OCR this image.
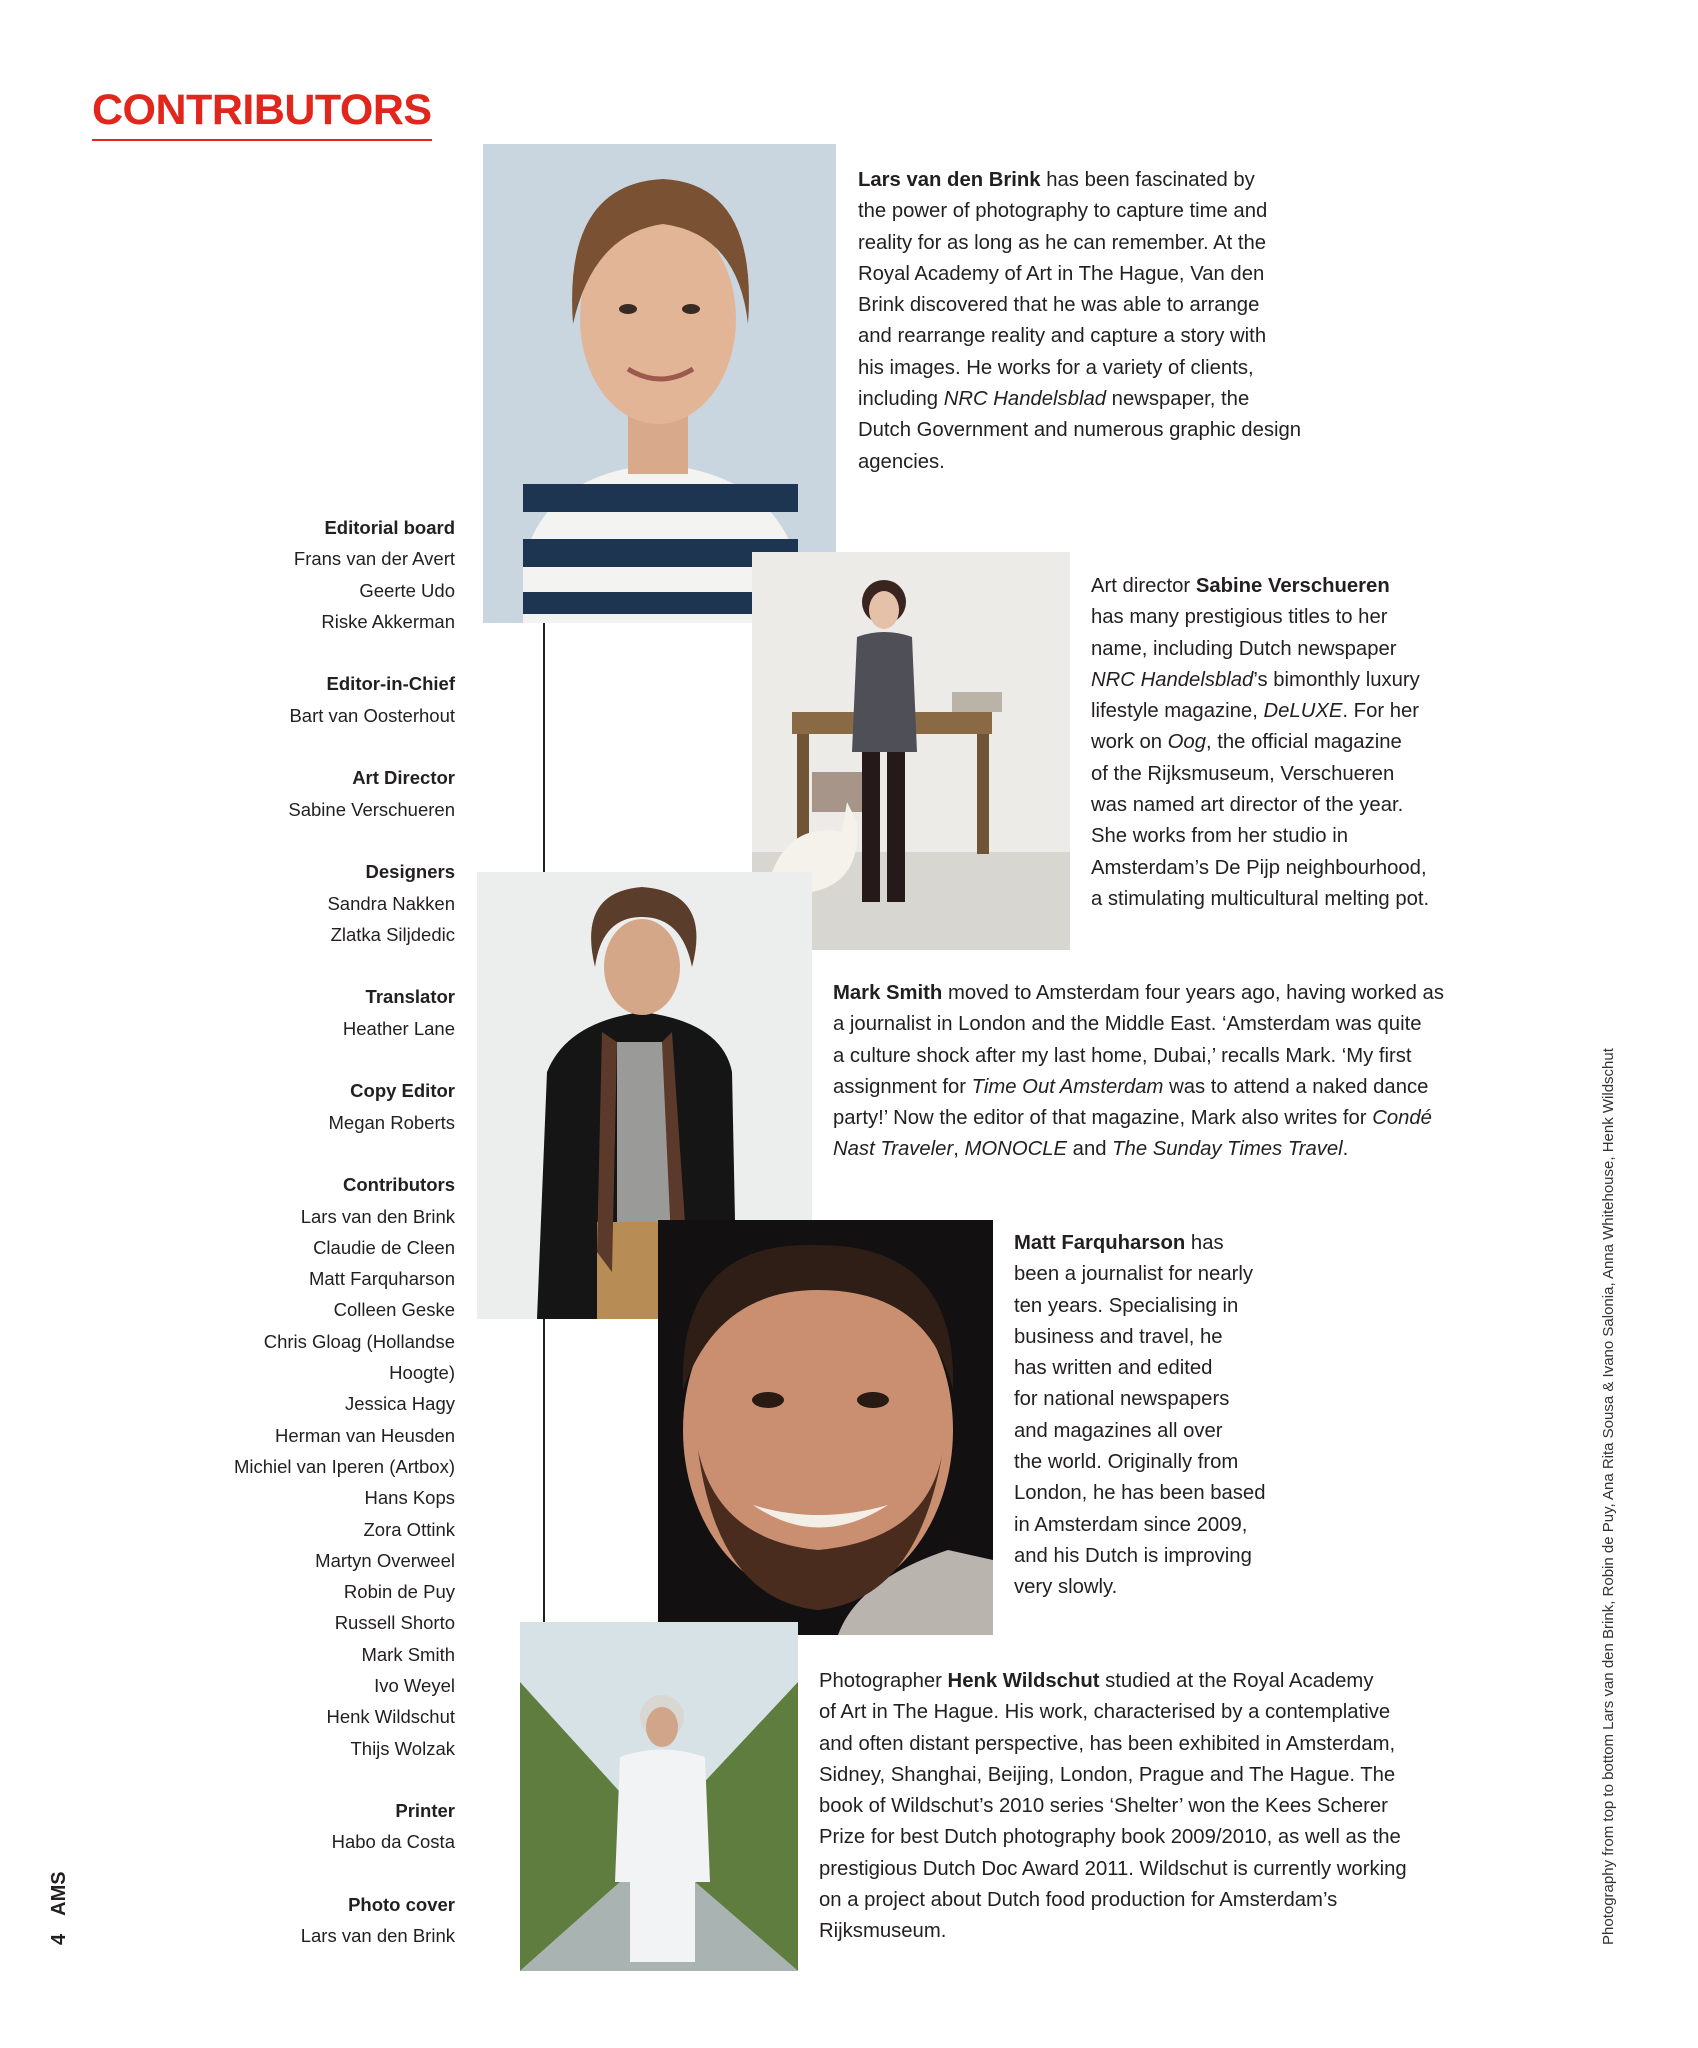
CONTRIBUTORS
Editorial board
Frans van der Avert
Geerte Udo
Riske Akkerman
Editor-in-Chief
Bart van Oosterhout
Art Director
Sabine Verschueren
Designers
Sandra Nakken
Zlatka Siljdedic
Translator
Heather Lane
Copy Editor
Megan Roberts
Contributors
Lars van den Brink
Claudie de Cleen
Matt Farquharson
Colleen Geske
Chris Gloag (Hollandse
Hoogte)
Jessica Hagy
Herman van Heusden
Michiel van Iperen (Artbox)
Hans Kops
Zora Ottink
Martyn Overweel
Robin de Puy
Russell Shorto
Mark Smith
Ivo Weyel
Henk Wildschut
Thijs Wolzak
Printer
Habo da Costa
Photo cover
Lars van den Brink
Lars van den Brink has been fascinated by
the power of photography to capture time and
reality for as long as he can remember. At the
Royal Academy of Art in The Hague, Van den
Brink discovered that he was able to arrange
and rearrange reality and capture a story with
his images. He works for a variety of clients,
including NRC Handelsblad newspaper, the
Dutch Government and numerous graphic design
agencies.
Art director Sabine Verschueren
has many prestigious titles to her
name, including Dutch newspaper
NRC Handelsblad’s bimonthly luxury
lifestyle magazine, DeLUXE. For her
work on Oog, the official magazine
of the Rijksmuseum, Verschueren
was named art director of the year.
She works from her studio in
Amsterdam’s De Pijp neighbourhood,
a stimulating multicultural melting pot.
Mark Smith moved to Amsterdam four years ago, having worked as
a journalist in London and the Middle East. ‘Amsterdam was quite
a culture shock after my last home, Dubai,’ recalls Mark. ‘My first
assignment for Time Out Amsterdam was to attend a naked dance
party!’ Now the editor of that magazine, Mark also writes for Condé
Nast Traveler, MONOCLE and The Sunday Times Travel.
Matt Farquharson has
been a journalist for nearly
ten years. Specialising in
business and travel, he
has written and edited
for national newspapers
and magazines all over
the world. Originally from
London, he has been based
in Amsterdam since 2009,
and his Dutch is improving
very slowly.
Photographer Henk Wildschut studied at the Royal Academy
of Art in The Hague. His work, characterised by a contemplative
and often distant perspective, has been exhibited in Amsterdam,
Sidney, Shanghai, Beijing, London, Prague and The Hague. The
book of Wildschut’s 2010 series ‘Shelter’ won the Kees Scherer
Prize for best Dutch photography book 2009/2010, as well as the
prestigious Dutch Doc Award 2011. Wildschut is currently working
on a project about Dutch food production for Amsterdam’s
Rijksmuseum.
4AMS	Photography from top to bottom Lars van den Brink, Robin de Puy, Ana Rita Sousa & Ivano Salonia, Anna Whitehouse, Henk Wildschut
